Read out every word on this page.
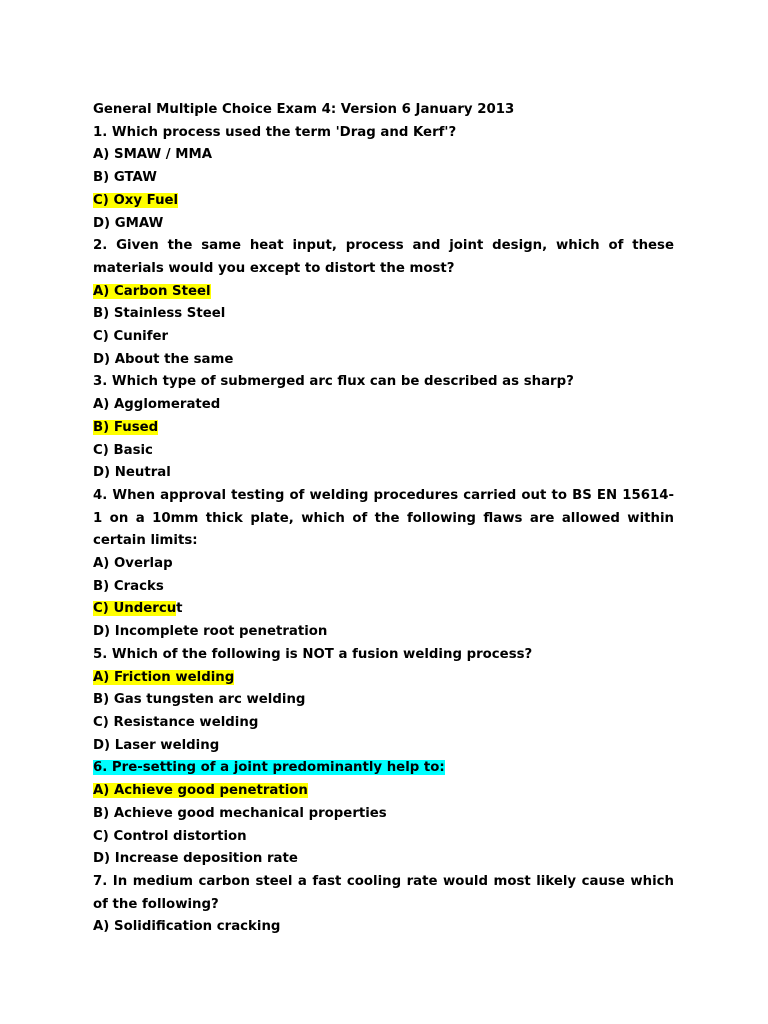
General Multiple Choice Exam 4: Version 6 January 2013
1. Which process used the term 'Drag and Kerf'?
A) SMAW / MMA
B) GTAW
C) Oxy Fuel
D) GMAW
2. Given the same heat input, process and joint design, which of these materials would you except to distort the most?
A) Carbon Steel
B) Stainless Steel
C) Cunifer
D) About the same
3. Which type of submerged arc flux can be described as sharp?
A) Agglomerated
B) Fused
C) Basic
D) Neutral
4. When approval testing of welding procedures carried out to BS EN 15614-1 on a 10mm thick plate, which of the following flaws are allowed within certain limits:
A) Overlap
B) Cracks
C) Undercut
D) Incomplete root penetration
5. Which of the following is NOT a fusion welding process?
A) Friction welding
B) Gas tungsten arc welding
C) Resistance welding
D) Laser welding
6. Pre-setting of a joint predominantly help to:
A) Achieve good penetration
B) Achieve good mechanical properties
C) Control distortion
D) Increase deposition rate
7. In medium carbon steel a fast cooling rate would most likely cause which of the following?
A) Solidification cracking
